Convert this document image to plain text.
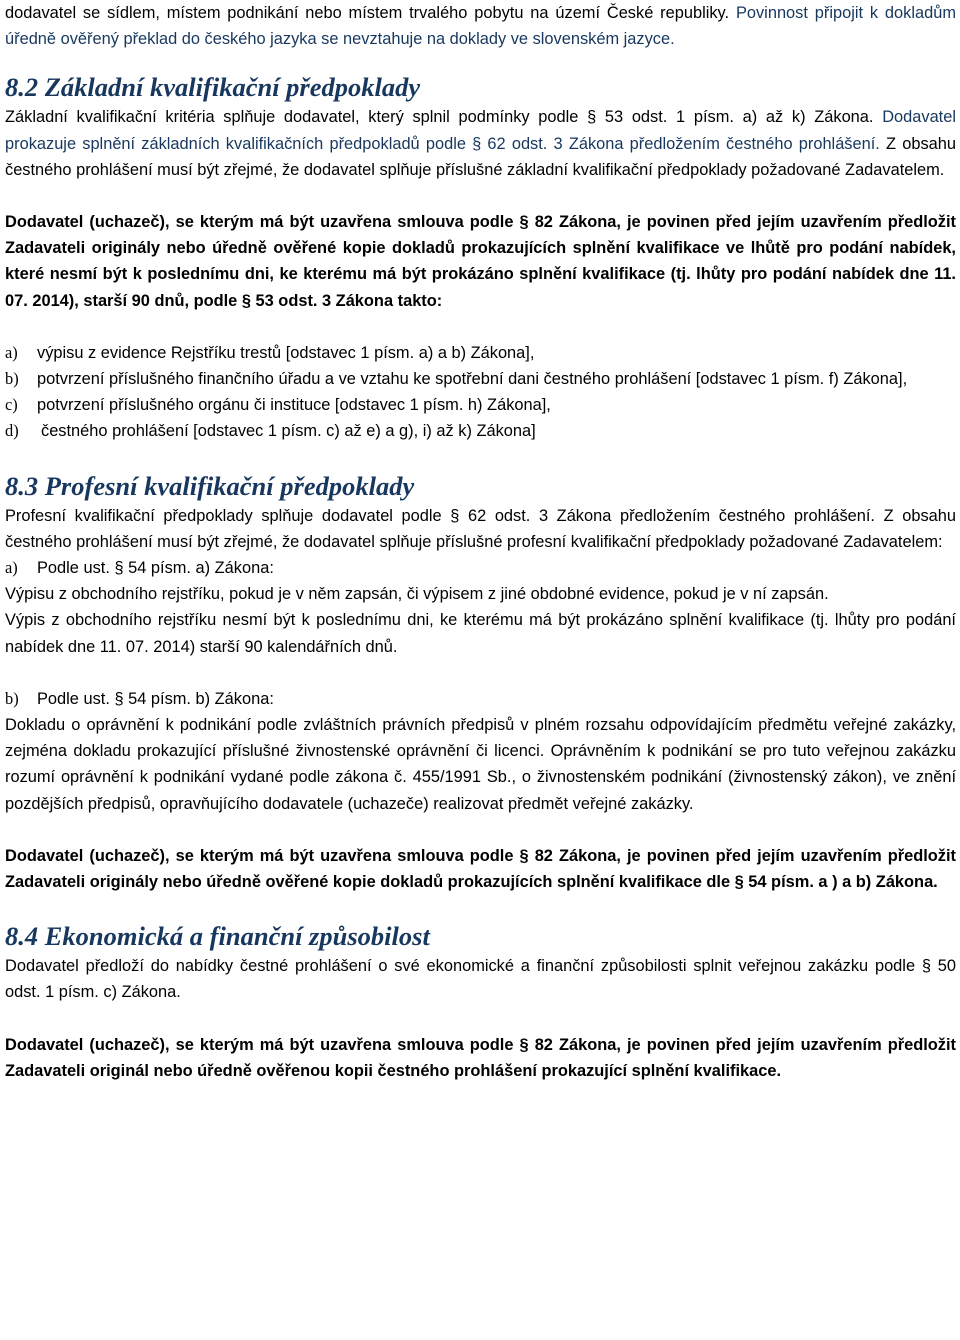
dodavatel se sídlem, místem podnikání nebo místem trvalého pobytu na území České republiky. Povinnost připojit k dokladům úředně ověřený překlad do českého jazyka se nevztahuje na doklady ve slovenském jazyce.

8.2 Základní kvalifikační předpoklady

Základní kvalifikační kritéria splňuje dodavatel, který splnil podmínky podle § 53 odst. 1 písm. a) až k) Zákona. Dodavatel prokazuje splnění základních kvalifikačních předpokladů podle § 62 odst. 3 Zákona předložením čestného prohlášení. Z obsahu čestného prohlášení musí být zřejmé, že dodavatel splňuje příslušné základní kvalifikační předpoklady požadované Zadavatelem.

Dodavatel (uchazeč), se kterým má být uzavřena smlouva podle § 82 Zákona, je povinen před jejím uzavřením předložit Zadavateli originály nebo úředně ověřené kopie dokladů prokazujících splnění kvalifikace ve lhůtě pro podání nabídek, které nesmí být k poslednímu dni, ke kterému má být prokázáno splnění kvalifikace (tj. lhůty pro podání nabídek dne 11. 07. 2014), starší 90 dnů, podle § 53 odst. 3 Zákona takto:

a)	výpisu z evidence Rejstříku trestů [odstavec 1 písm. a) a b) Zákona],
b)	potvrzení příslušného finančního úřadu a ve vztahu ke spotřební dani čestného prohlášení [odstavec 1 písm. f) Zákona],
c)	potvrzení příslušného orgánu či instituce [odstavec 1 písm. h) Zákona],
d)	čestného prohlášení [odstavec 1 písm. c) až e) a g), i) až k) Zákona]
8.3 Profesní kvalifikační předpoklady

Profesní kvalifikační předpoklady splňuje dodavatel podle § 62 odst. 3 Zákona předložením čestného prohlášení. Z obsahu čestného prohlášení musí být zřejmé, že dodavatel splňuje příslušné profesní kvalifikační předpoklady požadované Zadavatelem:

a)	Podle ust. § 54 písm. a) Zákona:

Výpisu z obchodního rejstříku, pokud je v něm zapsán, či výpisem z jiné obdobné evidence, pokud je v ní zapsán.

Výpis z obchodního rejstříku nesmí být k poslednímu dni, ke kterému má být prokázáno splnění kvalifikace (tj. lhůty pro podání nabídek dne 11. 07. 2014) starší 90 kalendářních dnů.

b)	Podle ust. § 54 písm. b) Zákona:

Dokladu o oprávnění k podnikání podle zvláštních právních předpisů v plném rozsahu odpovídajícím předmětu veřejné zakázky, zejména dokladu prokazující příslušné živnostenské oprávnění či licenci. Oprávněním k podnikání se pro tuto veřejnou zakázku rozumí oprávnění k podnikání vydané podle zákona č. 455/1991 Sb., o živnostenském podnikání (živnostenský zákon), ve znění pozdějších předpisů, opravňujícího dodavatele (uchazeče) realizovat předmět veřejné zakázky.

Dodavatel (uchazeč), se kterým má být uzavřena smlouva podle § 82 Zákona, je povinen před jejím uzavřením předložit Zadavateli originály nebo úředně ověřené kopie dokladů prokazujících splnění kvalifikace dle § 54 písm. a ) a b) Zákona.

8.4 Ekonomická a finanční způsobilost

Dodavatel předloží do nabídky čestné prohlášení o své ekonomické a finanční způsobilosti splnit veřejnou zakázku podle § 50 odst. 1 písm. c) Zákona.

Dodavatel (uchazeč), se kterým má být uzavřena smlouva podle § 82 Zákona, je povinen před jejím uzavřením předložit Zadavateli originál nebo úředně ověřenou kopii čestného prohlášení prokazující splnění kvalifikace.
